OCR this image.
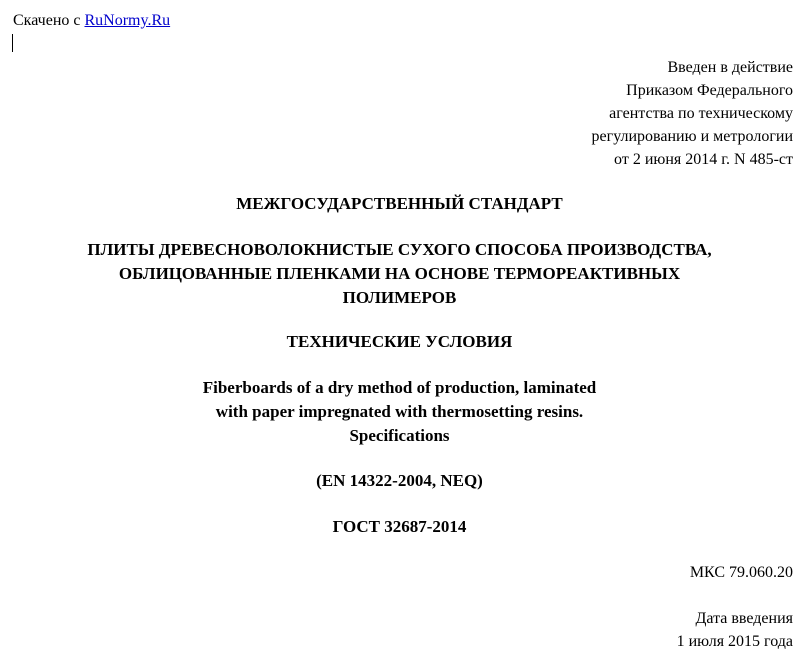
Скачено с RuNormy.Ru
Введен в действие
Приказом Федерального
агентства по техническому
регулированию и метрологии
от 2 июня 2014 г. N 485-ст
МЕЖГОСУДАРСТВЕННЫЙ СТАНДАРТ
ПЛИТЫ ДРЕВЕСНОВОЛОКНИСТЫЕ СУХОГО СПОСОБА ПРОИЗВОДСТВА,
ОБЛИЦОВАННЫЕ ПЛЕНКАМИ НА ОСНОВЕ ТЕРМОРЕАКТИВНЫХ
ПОЛИМЕРОВ
ТЕХНИЧЕСКИЕ УСЛОВИЯ
Fiberboards of a dry method of production, laminated
with paper impregnated with thermosetting resins.
Specifications
(EN 14322-2004, NEQ)
ГОСТ 32687-2014
МКС 79.060.20
Дата введения
1 июля 2015 года
